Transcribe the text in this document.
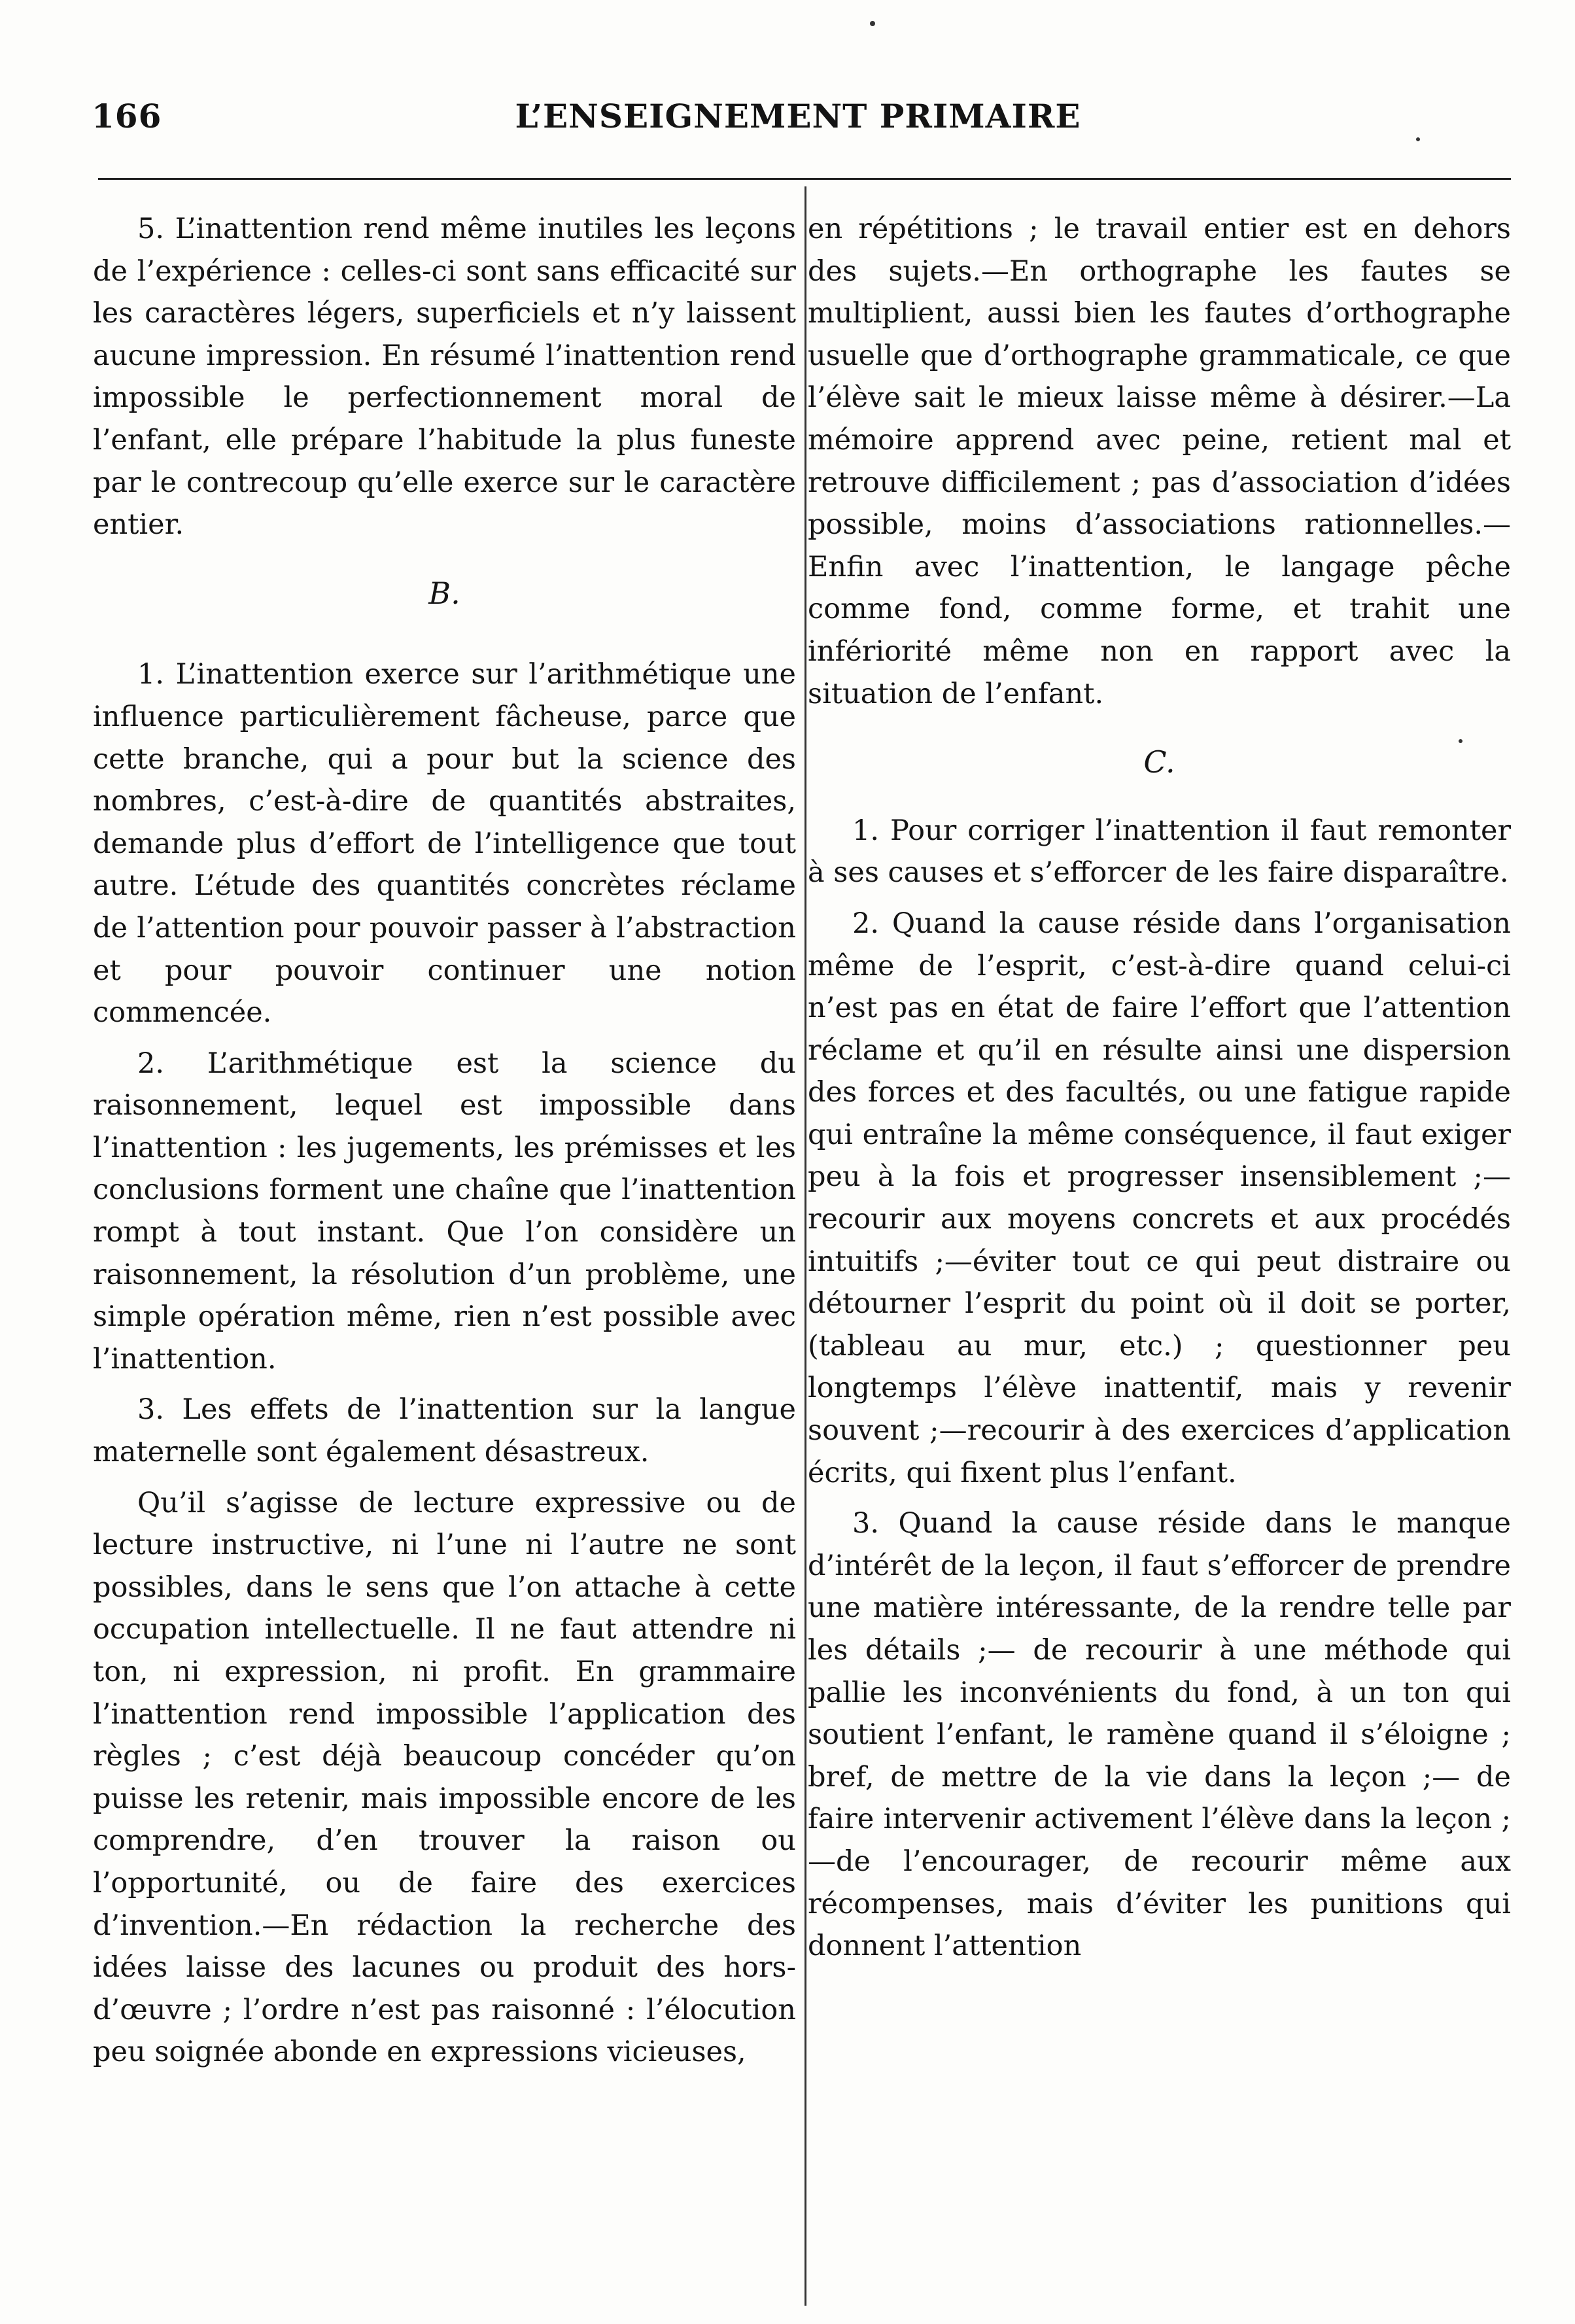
166	L’ENSEIGNEMENT PRIMAIRE

5. L’inattention rend même inutiles les leçons de l’expérience : celles-ci sont sans efficacité sur les caractères légers, superficiels et n’y laissent aucune impression. En résumé l’inattention rend impossible le perfectionnement moral de l’enfant, elle prépare l’habitude la plus funeste par le contrecoup qu’elle exerce sur le caractère entier.

B.

1. L’inattention exerce sur l’arithmétique une influence particulièrement fâcheuse, parce que cette branche, qui a pour but la science des nombres, c’est-à-dire de quantités abstraites, demande plus d’effort de l’intelligence que tout autre. L’étude des quantités concrètes réclame de l’attention pour pouvoir passer à l’abstraction et pour pouvoir continuer une notion commencée.

2. L’arithmétique est la science du raisonnement, lequel est impossible dans l’inattention : les jugements, les prémisses et les conclusions forment une chaîne que l’inattention rompt à tout instant. Que l’on considère un raisonnement, la résolution d’un problème, une simple opération même, rien n’est possible avec l’inattention.

3. Les effets de l’inattention sur la langue maternelle sont également désastreux.

Qu’il s’agisse de lecture expressive ou de lecture instructive, ni l’une ni l’autre ne sont possibles, dans le sens que l’on attache à cette occupation intellectuelle. Il ne faut attendre ni ton, ni expression, ni profit. En grammaire l’inattention rend impossible l’application des règles ; c’est déjà beaucoup concéder qu’on puisse les retenir, mais impossible encore de les comprendre, d’en trouver la raison ou l’opportunité, ou de faire des exercices d’invention.—En rédaction la recherche des idées laisse des lacunes ou produit des hors-d’œuvre ; l’ordre n’est pas raisonné : l’élocution peu soignée abonde en expressions vicieuses,

en répétitions ; le travail entier est en dehors des sujets.—En orthographe les fautes se multiplient, aussi bien les fautes d’orthographe usuelle que d’orthographe grammaticale, ce que l’élève sait le mieux laisse même à désirer.—La mémoire apprend avec peine, retient mal et retrouve difficilement ; pas d’association d’idées possible, moins d’associations rationnelles.—Enfin avec l’inattention, le langage pêche comme fond, comme forme, et trahit une infériorité même non en rapport avec la situation de l’enfant.

C.

1. Pour corriger l’inattention il faut remonter à ses causes et s’efforcer de les faire disparaître.

2. Quand la cause réside dans l’organisation même de l’esprit, c’est-à-dire quand celui-ci n’est pas en état de faire l’effort que l’attention réclame et qu’il en résulte ainsi une dispersion des forces et des facultés, ou une fatigue rapide qui entraîne la même conséquence, il faut exiger peu à la fois et progresser insensiblement ;—recourir aux moyens concrets et aux procédés intuitifs ;—éviter tout ce qui peut distraire ou détourner l’esprit du point où il doit se porter, (tableau au mur, etc.) ; questionner peu longtemps l’élève inattentif, mais y revenir souvent ;—recourir à des exercices d’application écrits, qui fixent plus l’enfant.

3. Quand la cause réside dans le manque d’intérêt de la leçon, il faut s’efforcer de prendre une matière intéressante, de la rendre telle par les détails ;— de recourir à une méthode qui pallie les inconvénients du fond, à un ton qui soutient l’enfant, le ramène quand il s’éloigne ; bref, de mettre de la vie dans la leçon ;— de faire intervenir activement l’élève dans la leçon ;—de l’encourager, de recourir même aux récompenses, mais d’éviter les punitions qui donnent l’attention
